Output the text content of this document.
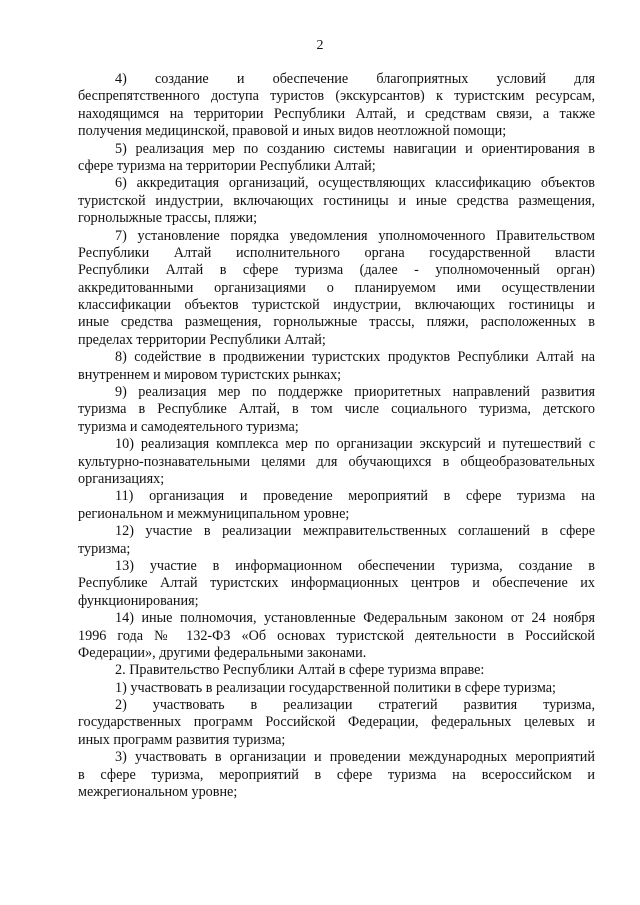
2
4)       создание       и       обеспечение       благоприятных       условий       для
беспрепятственного доступа туристов (экскурсантов) к туристским ресурсам,
находящимся на территории Республики Алтай, и средствам связи, а также
получения медицинской, правовой и иных видов неотложной помощи;
5) реализация мер по созданию системы навигации и ориентирования в
сфере туризма на территории Республики Алтай;
6) аккредитация организаций, осуществляющих классификацию объектов
туристской индустрии, включающих гостиницы и иные средства размещения,
горнолыжные трассы, пляжи;
7) установление порядка уведомления уполномоченного Правительством
Республики    Алтай    исполнительного    органа    государственной    власти
Республики Алтай в сфере туризма (далее - уполномоченный орган)
аккредитованными организациями о планируемом ими осуществлении
классификации объектов туристской индустрии, включающих гостиницы и
иные средства размещения, горнолыжные трассы, пляжи, расположенных в
пределах территории Республики Алтай;
8) содействие в продвижении туристских продуктов Республики Алтай на
внутреннем и мировом туристских рынках;
9) реализация мер по поддержке приоритетных направлений развития
туризма в Республике Алтай, в том числе социального туризма, детского
туризма и самодеятельного туризма;
10) реализация комплекса мер по организации экскурсий и путешествий с
культурно-познавательными целями для обучающихся в общеобразовательных
организациях;
11) организация и проведение мероприятий в сфере туризма на
региональном и межмуниципальном уровне;
12) участие в реализации межправительственных соглашений в сфере
туризма;
13) участие в информационном обеспечении туризма, создание в
Республике Алтай туристских информационных центров и обеспечение их
функционирования;
14) иные полномочия, установленные Федеральным законом от 24 ноября
1996 года № 132-ФЗ «Об основах туристской деятельности в Российской
Федерации», другими федеральными законами.
2. Правительство Республики Алтай в сфере туризма вправе:
1) участвовать в реализации государственной политики в сфере туризма;
2)      участвовать      в      реализации      стратегий      развития      туризма,
государственных программ Российской Федерации, федеральных целевых и
иных программ развития туризма;
3) участвовать в организации и проведении международных мероприятий
в сфере туризма, мероприятий в сфере туризма на всероссийском и
межрегиональном уровне;
